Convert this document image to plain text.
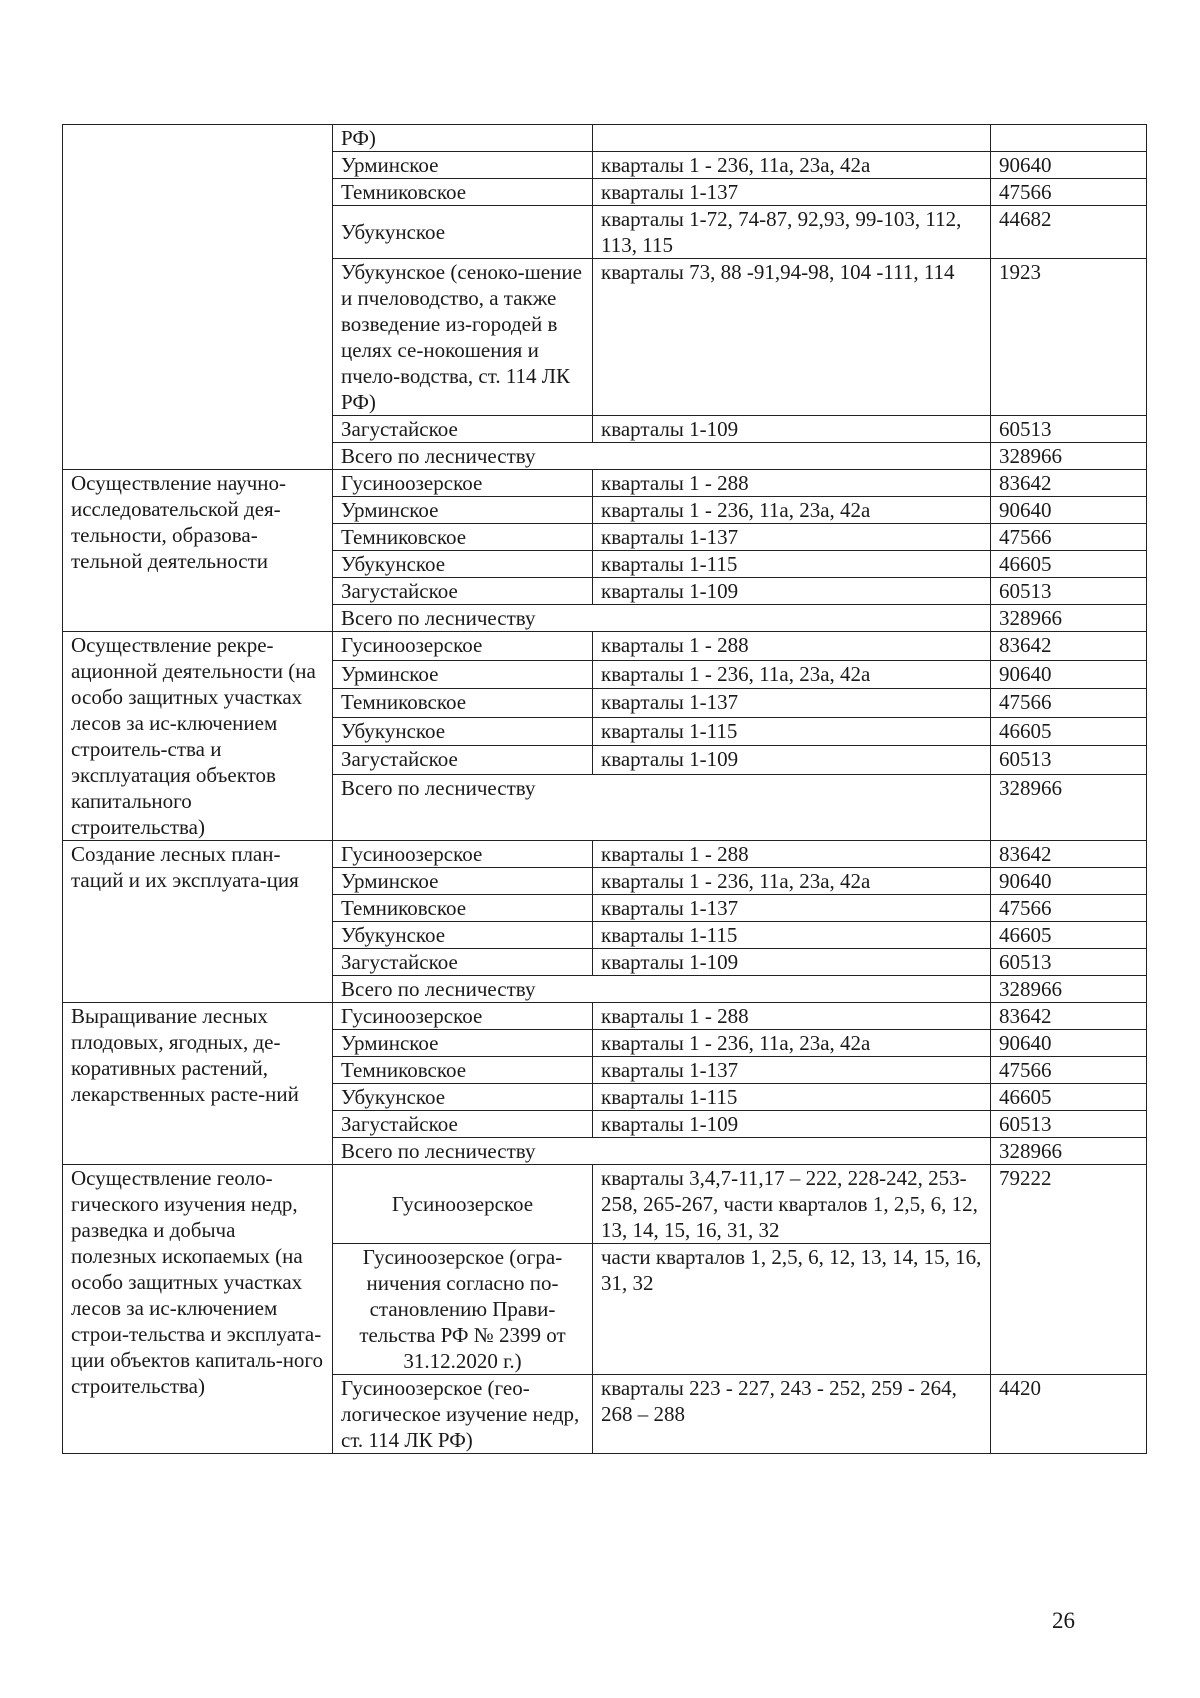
	РФ)		
	Урминское	кварталы 1 - 236, 11а, 23а, 42а	90640
	Темниковское	кварталы 1-137	47566
	Убукунское	кварталы 1-72, 74-87, 92,93, 99-103, 112, 113, 115	44682
	Убукунское (сеноко-шение и пчеловодство, а также возведение из-городей в целях се-нокошения и пчело-водства, ст. 114 ЛК РФ)	кварталы 73, 88 -91,94-98, 104 -111, 114	1923
	Загустайское	кварталы 1-109	60513
	Всего по лесничеству		328966
Осуществление научно-исследовательской дея-тельности, образова-тельной деятельности	Гусиноозерское	кварталы 1 - 288	83642
	Урминское	кварталы 1 - 236, 11а, 23а, 42а	90640
	Темниковское	кварталы 1-137	47566
	Убукунское	кварталы 1-115	46605
	Загустайское	кварталы 1-109	60513
	Всего по лесничеству		328966
Осуществление рекре-ационной деятельности (на особо защитных участках лесов за ис-ключением строитель-ства и эксплуатация объектов капитального строительства)	Гусиноозерское	кварталы 1 - 288	83642
	Урминское	кварталы 1 - 236, 11а, 23а, 42а	90640
	Темниковское	кварталы 1-137	47566
	Убукунское	кварталы 1-115	46605
	Загустайское	кварталы 1-109	60513
	Всего по лесничеству		328966
Создание лесных план-таций и их эксплуата-ция	Гусиноозерское	кварталы 1 - 288	83642
	Урминское	кварталы 1 - 236, 11а, 23а, 42а	90640
	Темниковское	кварталы 1-137	47566
	Убукунское	кварталы 1-115	46605
	Загустайское	кварталы 1-109	60513
	Всего по лесничеству		328966
Выращивание лесных плодовых, ягодных, де-коративных растений, лекарственных расте-ний	Гусиноозерское	кварталы 1 - 288	83642
	Урминское	кварталы 1 - 236, 11а, 23а, 42а	90640
	Темниковское	кварталы 1-137	47566
	Убукунское	кварталы 1-115	46605
	Загустайское	кварталы 1-109	60513
	Всего по лесничеству		328966
Осуществление геоло-гического изучения недр, разведка и добыча полезных ископаемых (на особо защитных участках лесов за ис-ключением строи-тельства и эксплуата-ции объектов капиталь-ного строительства)	Гусиноозерское	кварталы 3,4,7-11,17 – 222, 228-242, 253-258, 265-267, части кварталов 1, 2,5, 6, 12, 13, 14, 15, 16, 31, 32	79222
	Гусиноозерское (огра-ничения согласно по-становлению Прави-тельства РФ № 2399 от 31.12.2020 г.)	части кварталов 1, 2,5, 6, 12, 13, 14, 15, 16, 31, 32	
	Гусиноозерское (гео-логическое изучение недр, ст. 114 ЛК РФ)	кварталы 223 - 227, 243 - 252, 259 - 264, 268 – 288	4420
26
